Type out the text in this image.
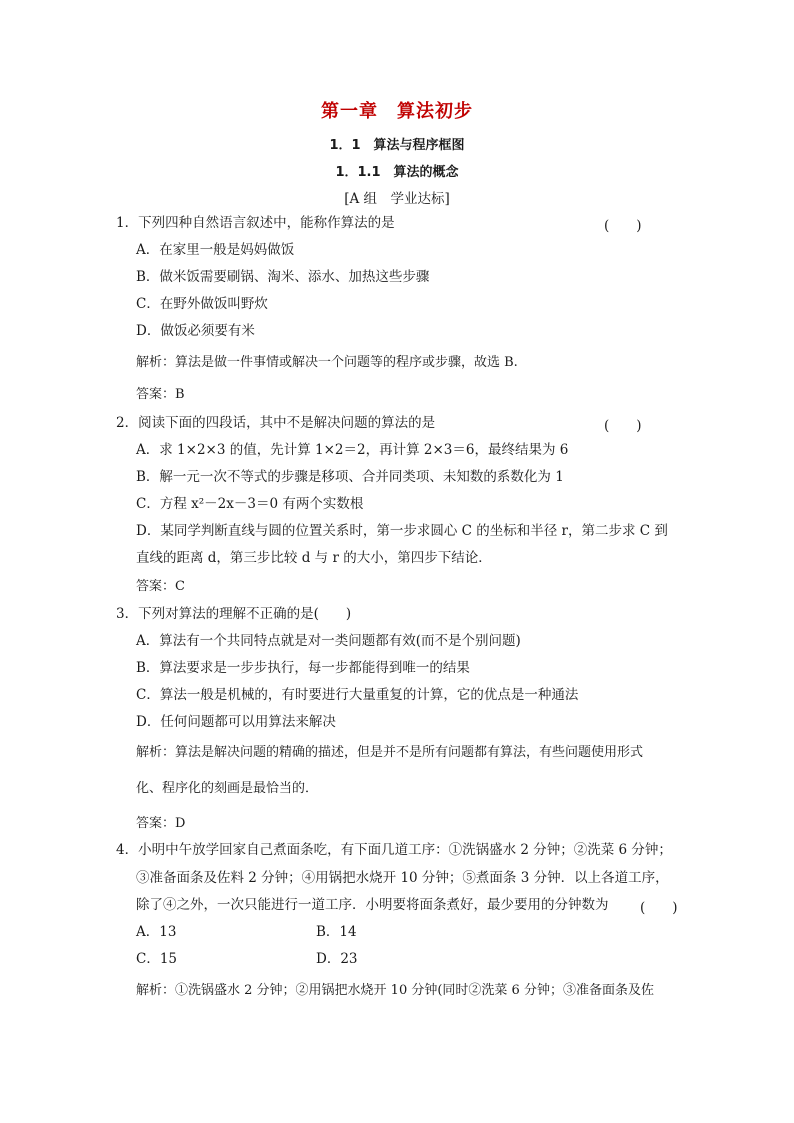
第一章　算法初步
1．1　算法与程序框图
1．1.1　算法的概念
[A 组　学业达标]
1．下列四种自然语言叙述中，能称作算法的是	(　　)
A．在家里一般是妈妈做饭
B．做米饭需要刷锅、淘米、添水、加热这些步骤
C．在野外做饭叫野炊
D．做饭必须要有米
解析：算法是做一件事情或解决一个问题等的程序或步骤，故选 B.
答案：B
2．阅读下面的四段话，其中不是解决问题的算法的是	(　　)
A．求 1×2×3 的值，先计算 1×2＝2，再计算 2×3＝6，最终结果为 6
B．解一元一次不等式的步骤是移项、合并同类项、未知数的系数化为 1
C．方程 x²－2x－3＝0 有两个实数根
D．某同学判断直线与圆的位置关系时，第一步求圆心 C 的坐标和半径 r，第二步求 C 到
直线的距离 d，第三步比较 d 与 r 的大小，第四步下结论．
答案：C
3．下列对算法的理解不正确的是(　　)
A．算法有一个共同特点就是对一类问题都有效(而不是个别问题)
B．算法要求是一步步执行，每一步都能得到唯一的结果
C．算法一般是机械的，有时要进行大量重复的计算，它的优点是一种通法
D．任何问题都可以用算法来解决
解析：算法是解决问题的精确的描述，但是并不是所有问题都有算法，有些问题使用形式
化、程序化的刻画是最恰当的．
答案：D
4．小明中午放学回家自己煮面条吃，有下面几道工序：①洗锅盛水 2 分钟；②洗菜 6 分钟；
③准备面条及佐料 2 分钟；④用锅把水烧开 10 分钟；⑤煮面条 3 分钟．以上各道工序，
除了④之外，一次只能进行一道工序．小明要将面条煮好，最少要用的分钟数为 (　　)
A．13	B．14
C．15	D．23
解析：①洗锅盛水 2 分钟；②用锅把水烧开 10 分钟(同时②洗菜 6 分钟；③准备面条及佐
